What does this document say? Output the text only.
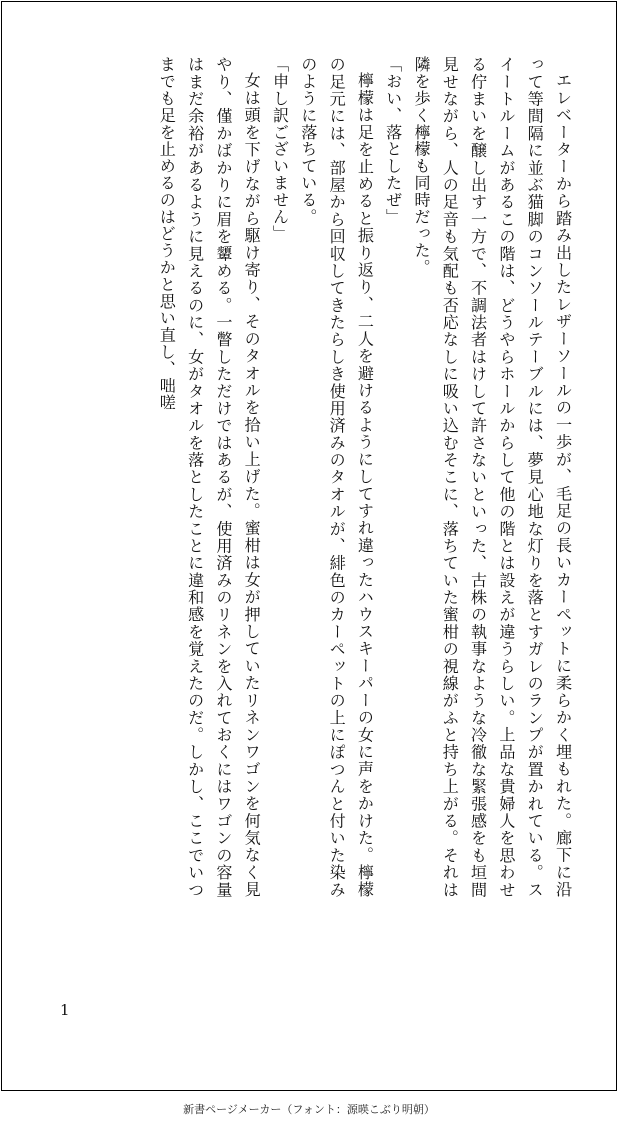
エレベーターから踏み出したレザーソールの一歩が、毛足の長いカーペットに柔らかく埋もれた。廊下に沿って等間隔に並ぶ猫脚のコンソールテーブルには、夢見心地な灯りを落とすガレのランプが置かれている。スイートルームがあるこの階は、どうやらホールからして他の階とは設えが違うらしい。上品な貴婦人を思わせる佇まいを醸し出す一方で、不調法者はけして許さないといった、古株の執事なような冷徹な緊張感をも垣間見せながら、人の足音も気配も否応なしに吸い込むそこに、落ちていた蜜柑の視線がふと持ち上がる。それは隣を歩く檸檬も同時だった。

「おい、落としたぜ」

檸檬は足を止めると振り返り、二人を避けるようにしてすれ違ったハウスキーパーの女に声をかけた。檸檬の足元には、部屋から回収してきたらしき使用済みのタオルが、緋色のカーペットの上にぽつんと付いた染みのように落ちている。

「申し訳ございません」

女は頭を下げながら駆け寄り、そのタオルを拾い上げた。蜜柑は女が押していたリネンワゴンを何気なく見やり、僅かばかりに眉を顰める。一瞥しただけではあるが、使用済みのリネンを入れておくにはワゴンの容量はまだ余裕があるように見えるのに、女がタオルを落としたことに違和感を覚えたのだ。しかし、ここでいつまでも足を止めるのはどうかと思い直し、咄嗟

1
新書ページメーカー（フォント：源暎こぶり明朝）
